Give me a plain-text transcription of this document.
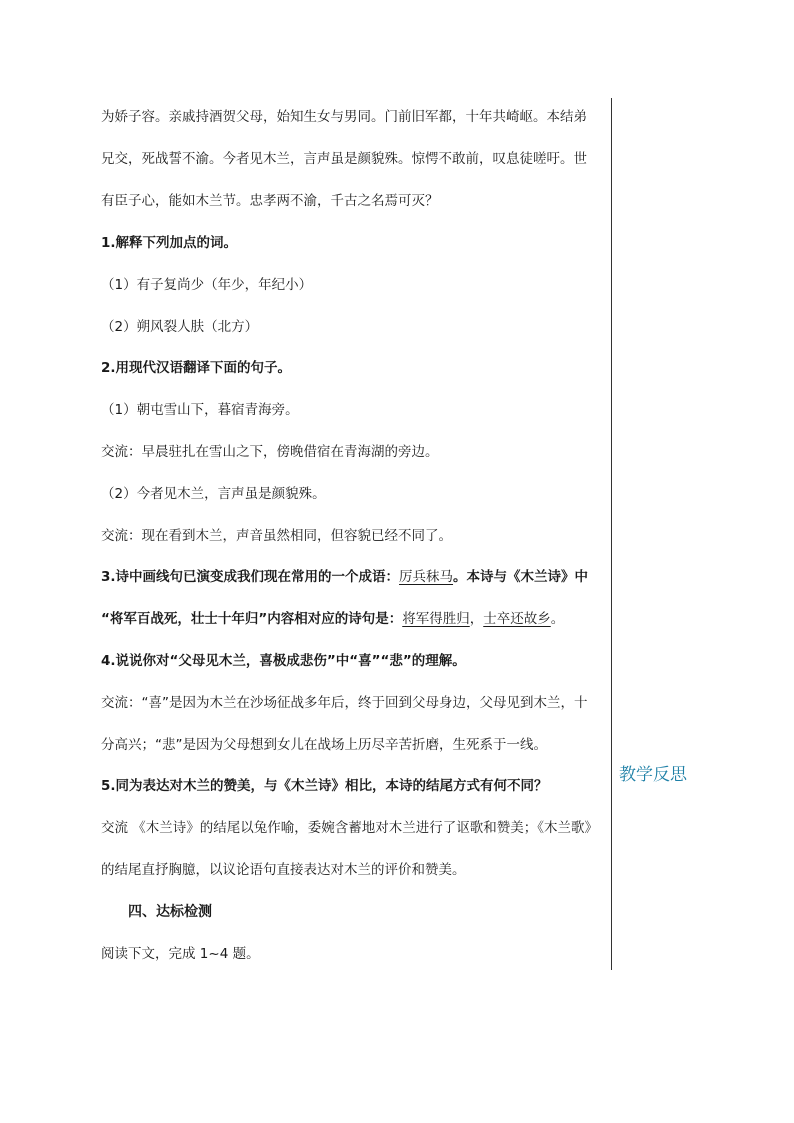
教学反思
为娇子容。亲戚持酒贺父母，始知生女与男同。门前旧军都，十年共崎岖。本结弟
兄交，死战誓不渝。今者见木兰，言声虽是颜貌殊。惊愕不敢前，叹息徒嗟吁。世
有臣子心，能如木兰节。忠孝两不渝，千古之名焉可灭？
1.解释下列加点的词。
（1）有子复尚少（年少，年纪小）
（2）朔风裂人肤（北方）
2.用现代汉语翻译下面的句子。
（1）朝屯雪山下，暮宿青海旁。
交流：早晨驻扎在雪山之下，傍晚借宿在青海湖的旁边。
（2）今者见木兰，言声虽是颜貌殊。
交流：现在看到木兰，声音虽然相同，但容貌已经不同了。
3.诗中画线句已演变成我们现在常用的一个成语：厉兵秣马。本诗与《木兰诗》中
“将军百战死，壮士十年归”内容相对应的诗句是：将军得胜归，士卒还故乡。
4.说说你对“父母见木兰，喜极成悲伤”中“喜”“悲”的理解。
交流：“喜”是因为木兰在沙场征战多年后，终于回到父母身边，父母见到木兰，十
分高兴；“悲”是因为父母想到女儿在战场上历尽辛苦折磨，生死系于一线。
5.同为表达对木兰的赞美，与《木兰诗》相比，本诗的结尾方式有何不同？
交流 《木兰诗》的结尾以兔作喻，委婉含蓄地对木兰进行了讴歌和赞美；《木兰歌》
的结尾直抒胸臆，以议论语句直接表达对木兰的评价和赞美。
四、达标检测
阅读下文，完成 1~4 题。
